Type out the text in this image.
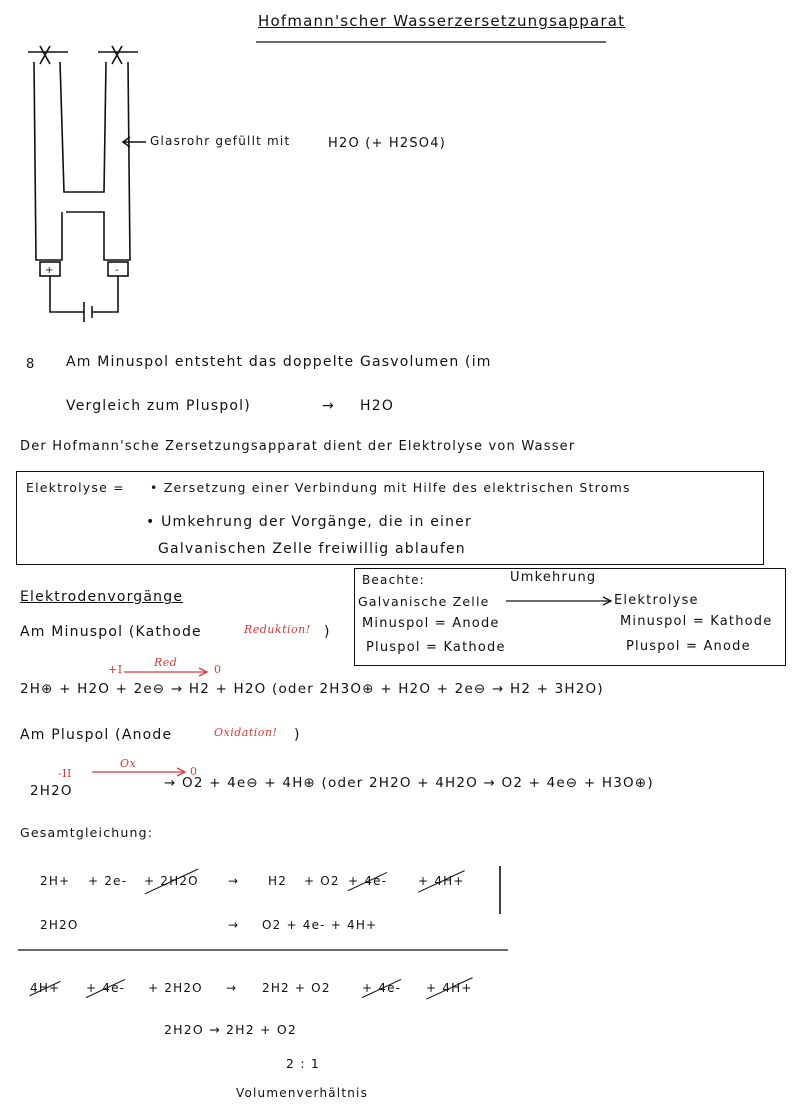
Hofmann'scher Wasserzersetzungsapparat
+	-
Glasrohr gefüllt mit	H2O (+ H2SO4)
8 Am Minuspol entsteht das doppelte Gasvolumen (im
Vergleich zum Pluspol)	→ H2O
Der Hofmann'sche Zersetzungsapparat dient der Elektrolyse von Wasser
Elektrolyse = • Zersetzung einer Verbindung mit Hilfe des elektrischen Stroms
• Umkehrung der Vorgänge, die in einer
Galvanischen Zelle freiwillig ablaufen
Beachte:	Umkehrung
Galvanische Zelle	Elektrolyse
Minuspol = Anode	Minuspol = Kathode
Pluspol = Kathode	Pluspol = Anode
Elektrodenvorgänge
Am Minuspol (Kathode	Reduktion! )
+I
Red
0
2H⊕ + H2O + 2e⊖ → H2 + H2O (oder 2H3O⊕ + H2O + 2e⊖ → H2 + 3H2O)
Am Pluspol (Anode	Oxidation! )
-II
Ox
0
2H2O	→ O2 + 4e⊖ + 4H⊕ (oder 2H2O + 4H2O → O2 + 4e⊖ + H3O⊕)
Gesamtgleichung:
2H+ + 2e- + 2H2O → H2 + O2 + 4e-	+ 4H+
2H2O	→ O2 + 4e- + 4H+
4H+ + 4e- + 2H2O → 2H2 + O2	+ 4e- + 4H+
2H2O → 2H2 + O2
2 : 1
Volumenverhältnis
